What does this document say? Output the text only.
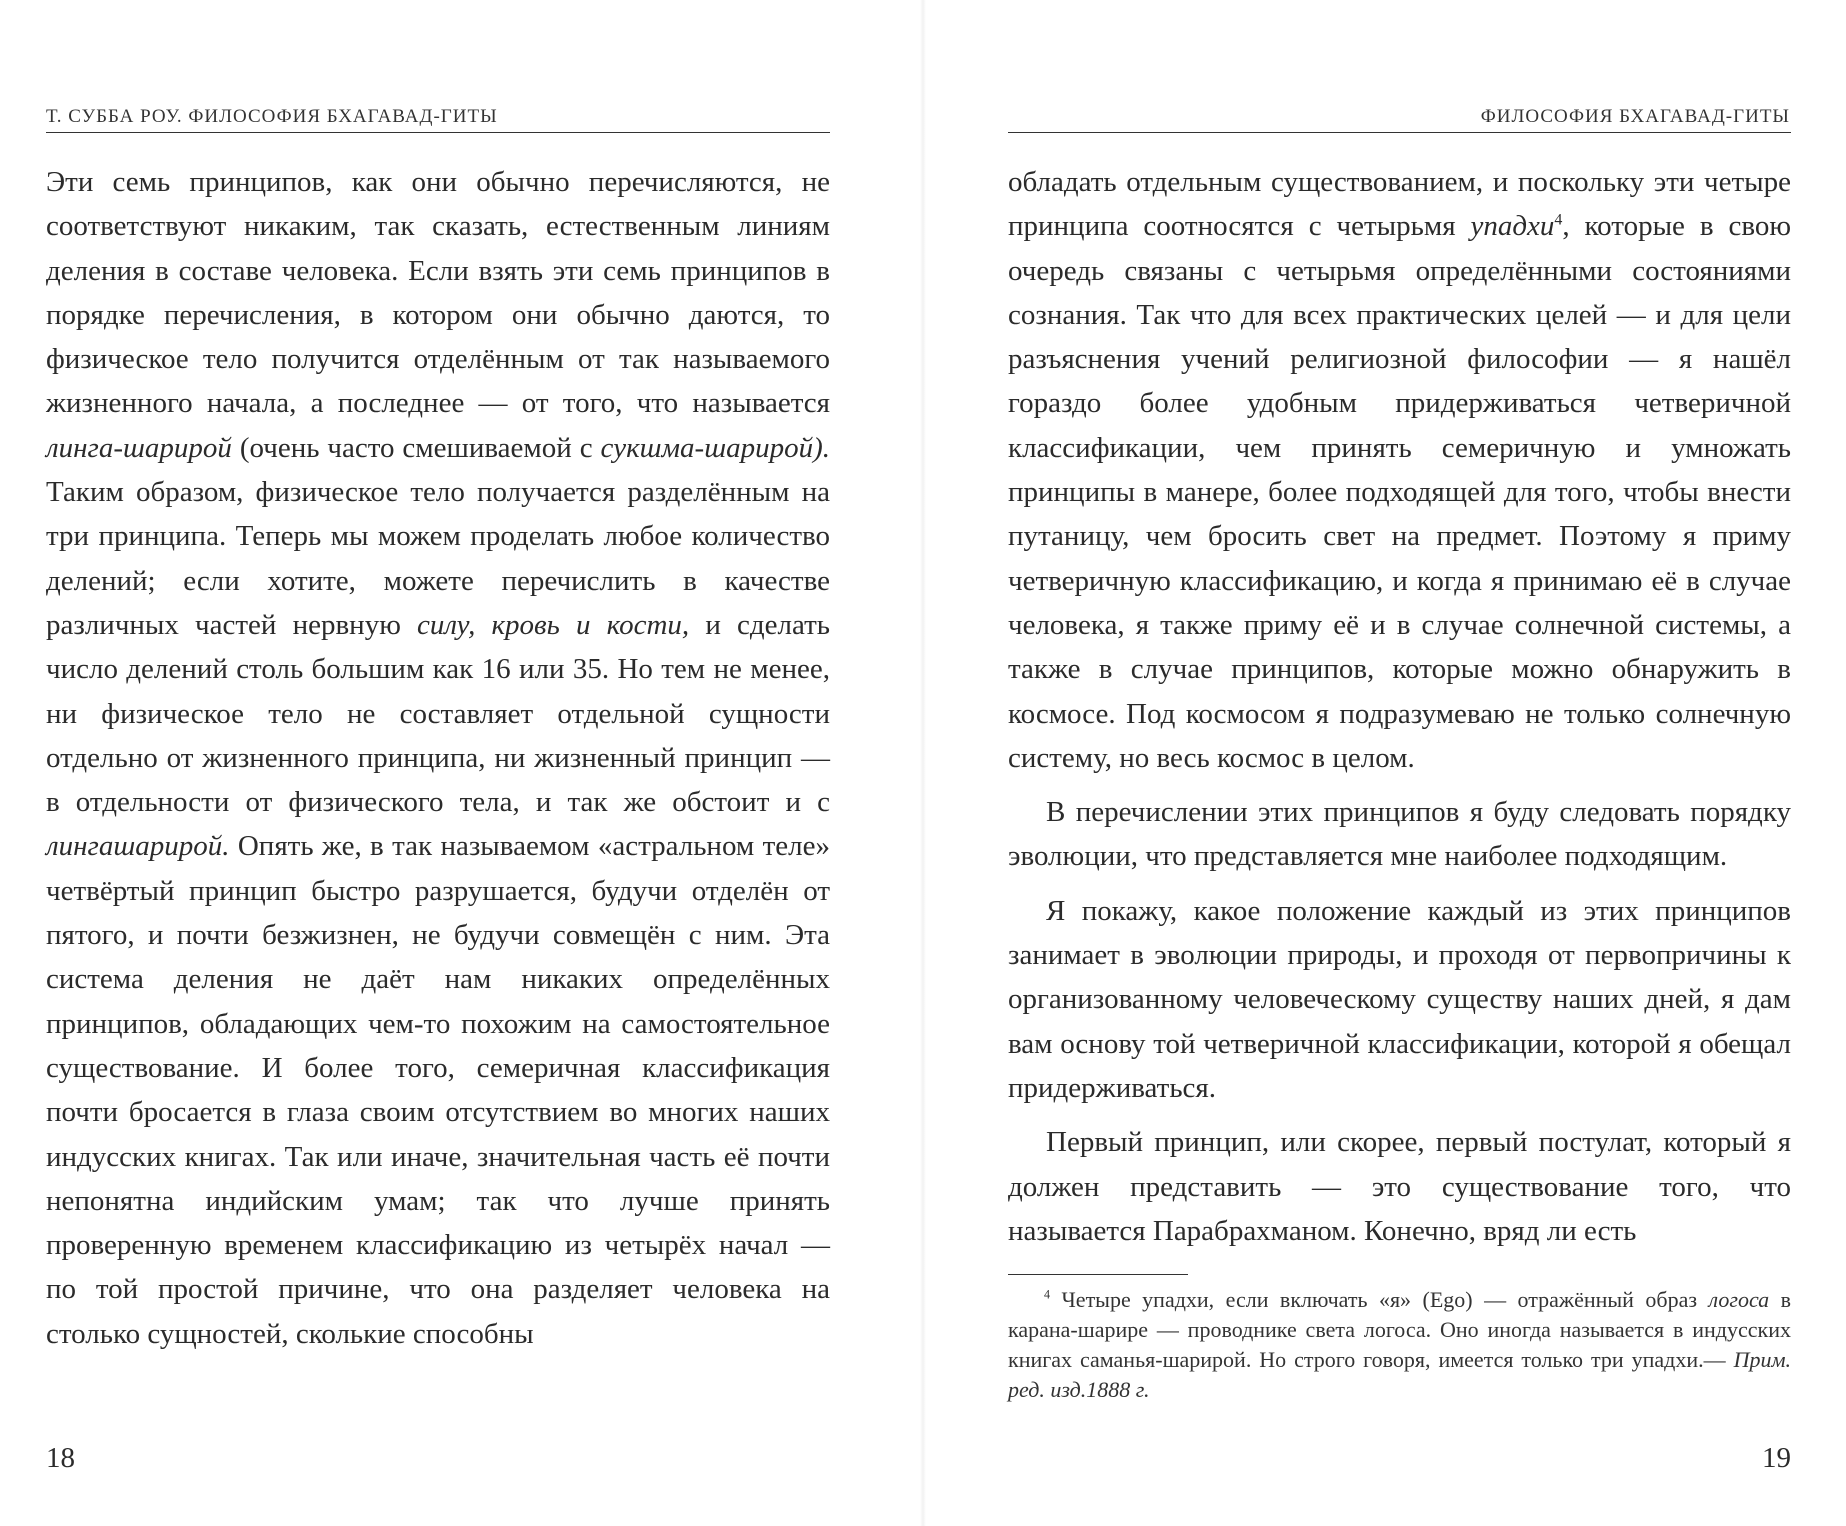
Т. СУББА РОУ. ФИЛОСОФИЯ БХАГАВАД-ГИТЫ

Эти семь принципов, как они обычно перечисляются, не соответствуют никаким, так сказать, естественным линиям деления в составе человека. Если взять эти семь принципов в порядке перечисления, в котором они обычно даются, то физическое тело получится отделённым от так называемого жизненного начала, а последнее — от того, что называется линга-шарирой (очень часто смешиваемой с сукшма-шарирой). Таким образом, физическое тело получается разделённым на три принципа. Теперь мы можем проделать любое количество делений; если хотите, можете перечислить в качестве различных частей нервную силу, кровь и кости, и сделать число делений столь большим как 16 или 35. Но тем не менее, ни физическое тело не составляет отдельной сущности отдельно от жизненного принципа, ни жизненный принцип — в отдельности от физического тела, и так же обстоит и с лингашарирой. Опять же, в так называемом «астральном теле» четвёртый принцип быстро разрушается, будучи отделён от пятого, и почти безжизнен, не будучи совмещён с ним. Эта система деления не даёт нам никаких определённых принципов, обладающих чем-то похожим на самостоятельное существование. И более того, семеричная классификация почти бросается в глаза своим отсутствием во многих наших индусских книгах. Так или иначе, значительная часть её почти непонятна индийским умам; так что лучше принять проверенную временем классификацию из четырёх начал — по той простой причине, что она разделяет человека на столько сущностей, сколькие способны

18
ФИЛОСОФИЯ БХАГАВАД-ГИТЫ

обладать отдельным существованием, и поскольку эти четыре принципа соотносятся с четырьмя упадхи$^4$, которые в свою очередь связаны с четырьмя определёнными состояниями сознания. Так что для всех практических целей — и для цели разъяснения учений религиозной философии — я нашёл гораздо более удобным придерживаться четверичной классификации, чем принять семеричную и умножать принципы в манере, более подходящей для того, чтобы внести путаницу, чем бросить свет на предмет. Поэтому я приму четверичную классификацию, и когда я принимаю её в случае человека, я также приму её и в случае солнечной системы, а также в случае принципов, которые можно обнаружить в космосе. Под космосом я подразумеваю не только солнечную систему, но весь космос в целом.

В перечислении этих принципов я буду следовать порядку эволюции, что представляется мне наиболее подходящим.

Я покажу, какое положение каждый из этих принципов занимает в эволюции природы, и проходя от первопричины к организованному человеческому существу наших дней, я дам вам основу той четверичной классификации, которой я обещал придерживаться.

Первый принцип, или скорее, первый постулат, который я должен представить — это существование того, что называется Парабрахманом. Конечно, вряд ли есть

$^4$ Четыре упадхи, если включать «я» (Ego) — отражённый образ логоса в карана-шарире — проводнике света логоса. Оно иногда называется в индусских книгах саманья-шарирой. Но строго говоря, имеется только три упадхи.— Прим. ред. изд.1888 г.

19
